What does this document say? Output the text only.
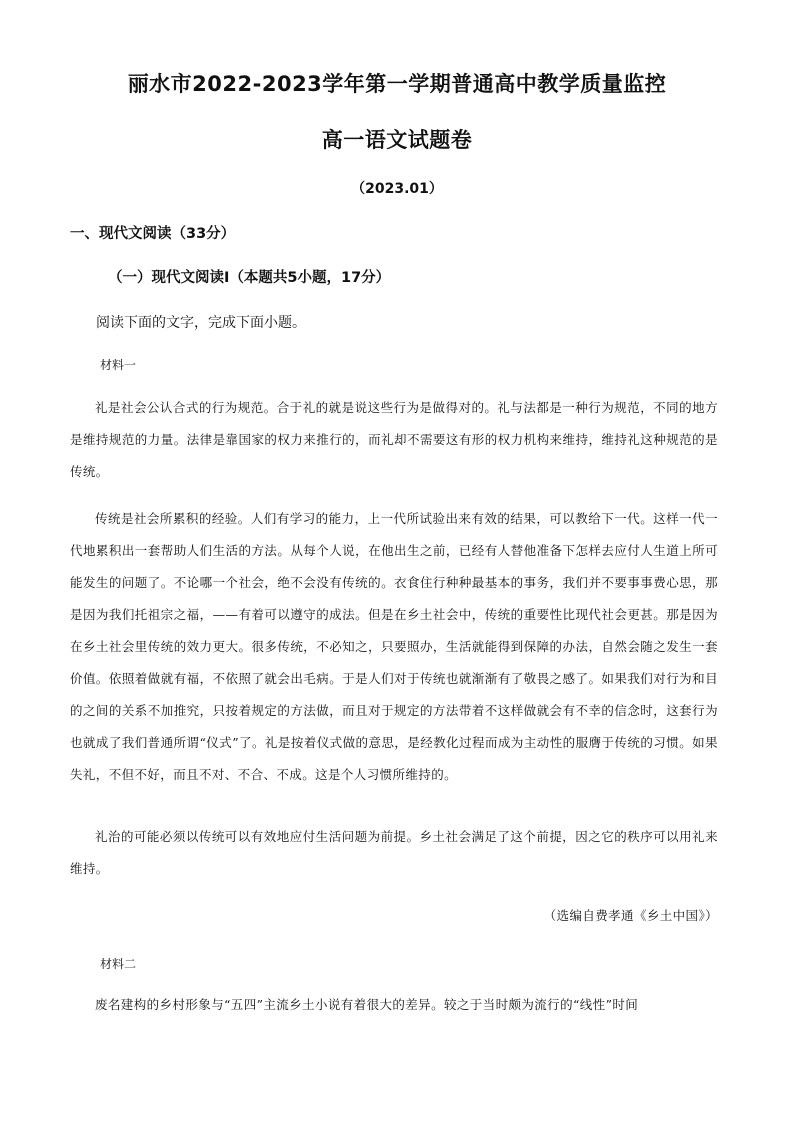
丽水市2022-2023学年第一学期普通高中教学质量监控
高一语文试题卷
（2023.01）
一、现代文阅读（33分）
（一）现代文阅读Ⅰ（本题共5小题，17分）
阅读下面的文字，完成下面小题。
材料一
礼是社会公认合式的行为规范。合于礼的就是说这些行为是做得对的。礼与法都是一种行为规范，不同的地方是维持规范的力量。法律是靠国家的权力来推行的，而礼却不需要这有形的权力机构来维持，维持礼这种规范的是传统。
传统是社会所累积的经验。人们有学习的能力，上一代所试验出来有效的结果，可以教给下一代。这样一代一代地累积出一套帮助人们生活的方法。从每个人说，在他出生之前，已经有人替他准备下怎样去应付人生道上所可能发生的问题了。不论哪一个社会，绝不会没有传统的。衣食住行种种最基本的事务，我们并不要事事费心思，那是因为我们托祖宗之福，——有着可以遵守的成法。但是在乡土社会中，传统的重要性比现代社会更甚。那是因为在乡土社会里传统的效力更大。很多传统，不必知之，只要照办，生活就能得到保障的办法，自然会随之发生一套价值。依照着做就有福，不依照了就会出毛病。于是人们对于传统也就渐渐有了敬畏之感了。如果我们对行为和目的之间的关系不加推究，只按着规定的方法做，而且对于规定的方法带着不这样做就会有不幸的信念时，这套行为也就成了我们普通所谓“仪式”了。礼是按着仪式做的意思，是经教化过程而成为主动性的服膺于传统的习惯。如果失礼，不但不好，而且不对、不合、不成。这是个人习惯所维持的。
礼治的可能必须以传统可以有效地应付生活问题为前提。乡土社会满足了这个前提，因之它的秩序可以用礼来维持。
（选编自费孝通《乡土中国》）
材料二
废名建构的乡村形象与“五四”主流乡土小说有着很大的差异。较之于当时颇为流行的“线性”时间
